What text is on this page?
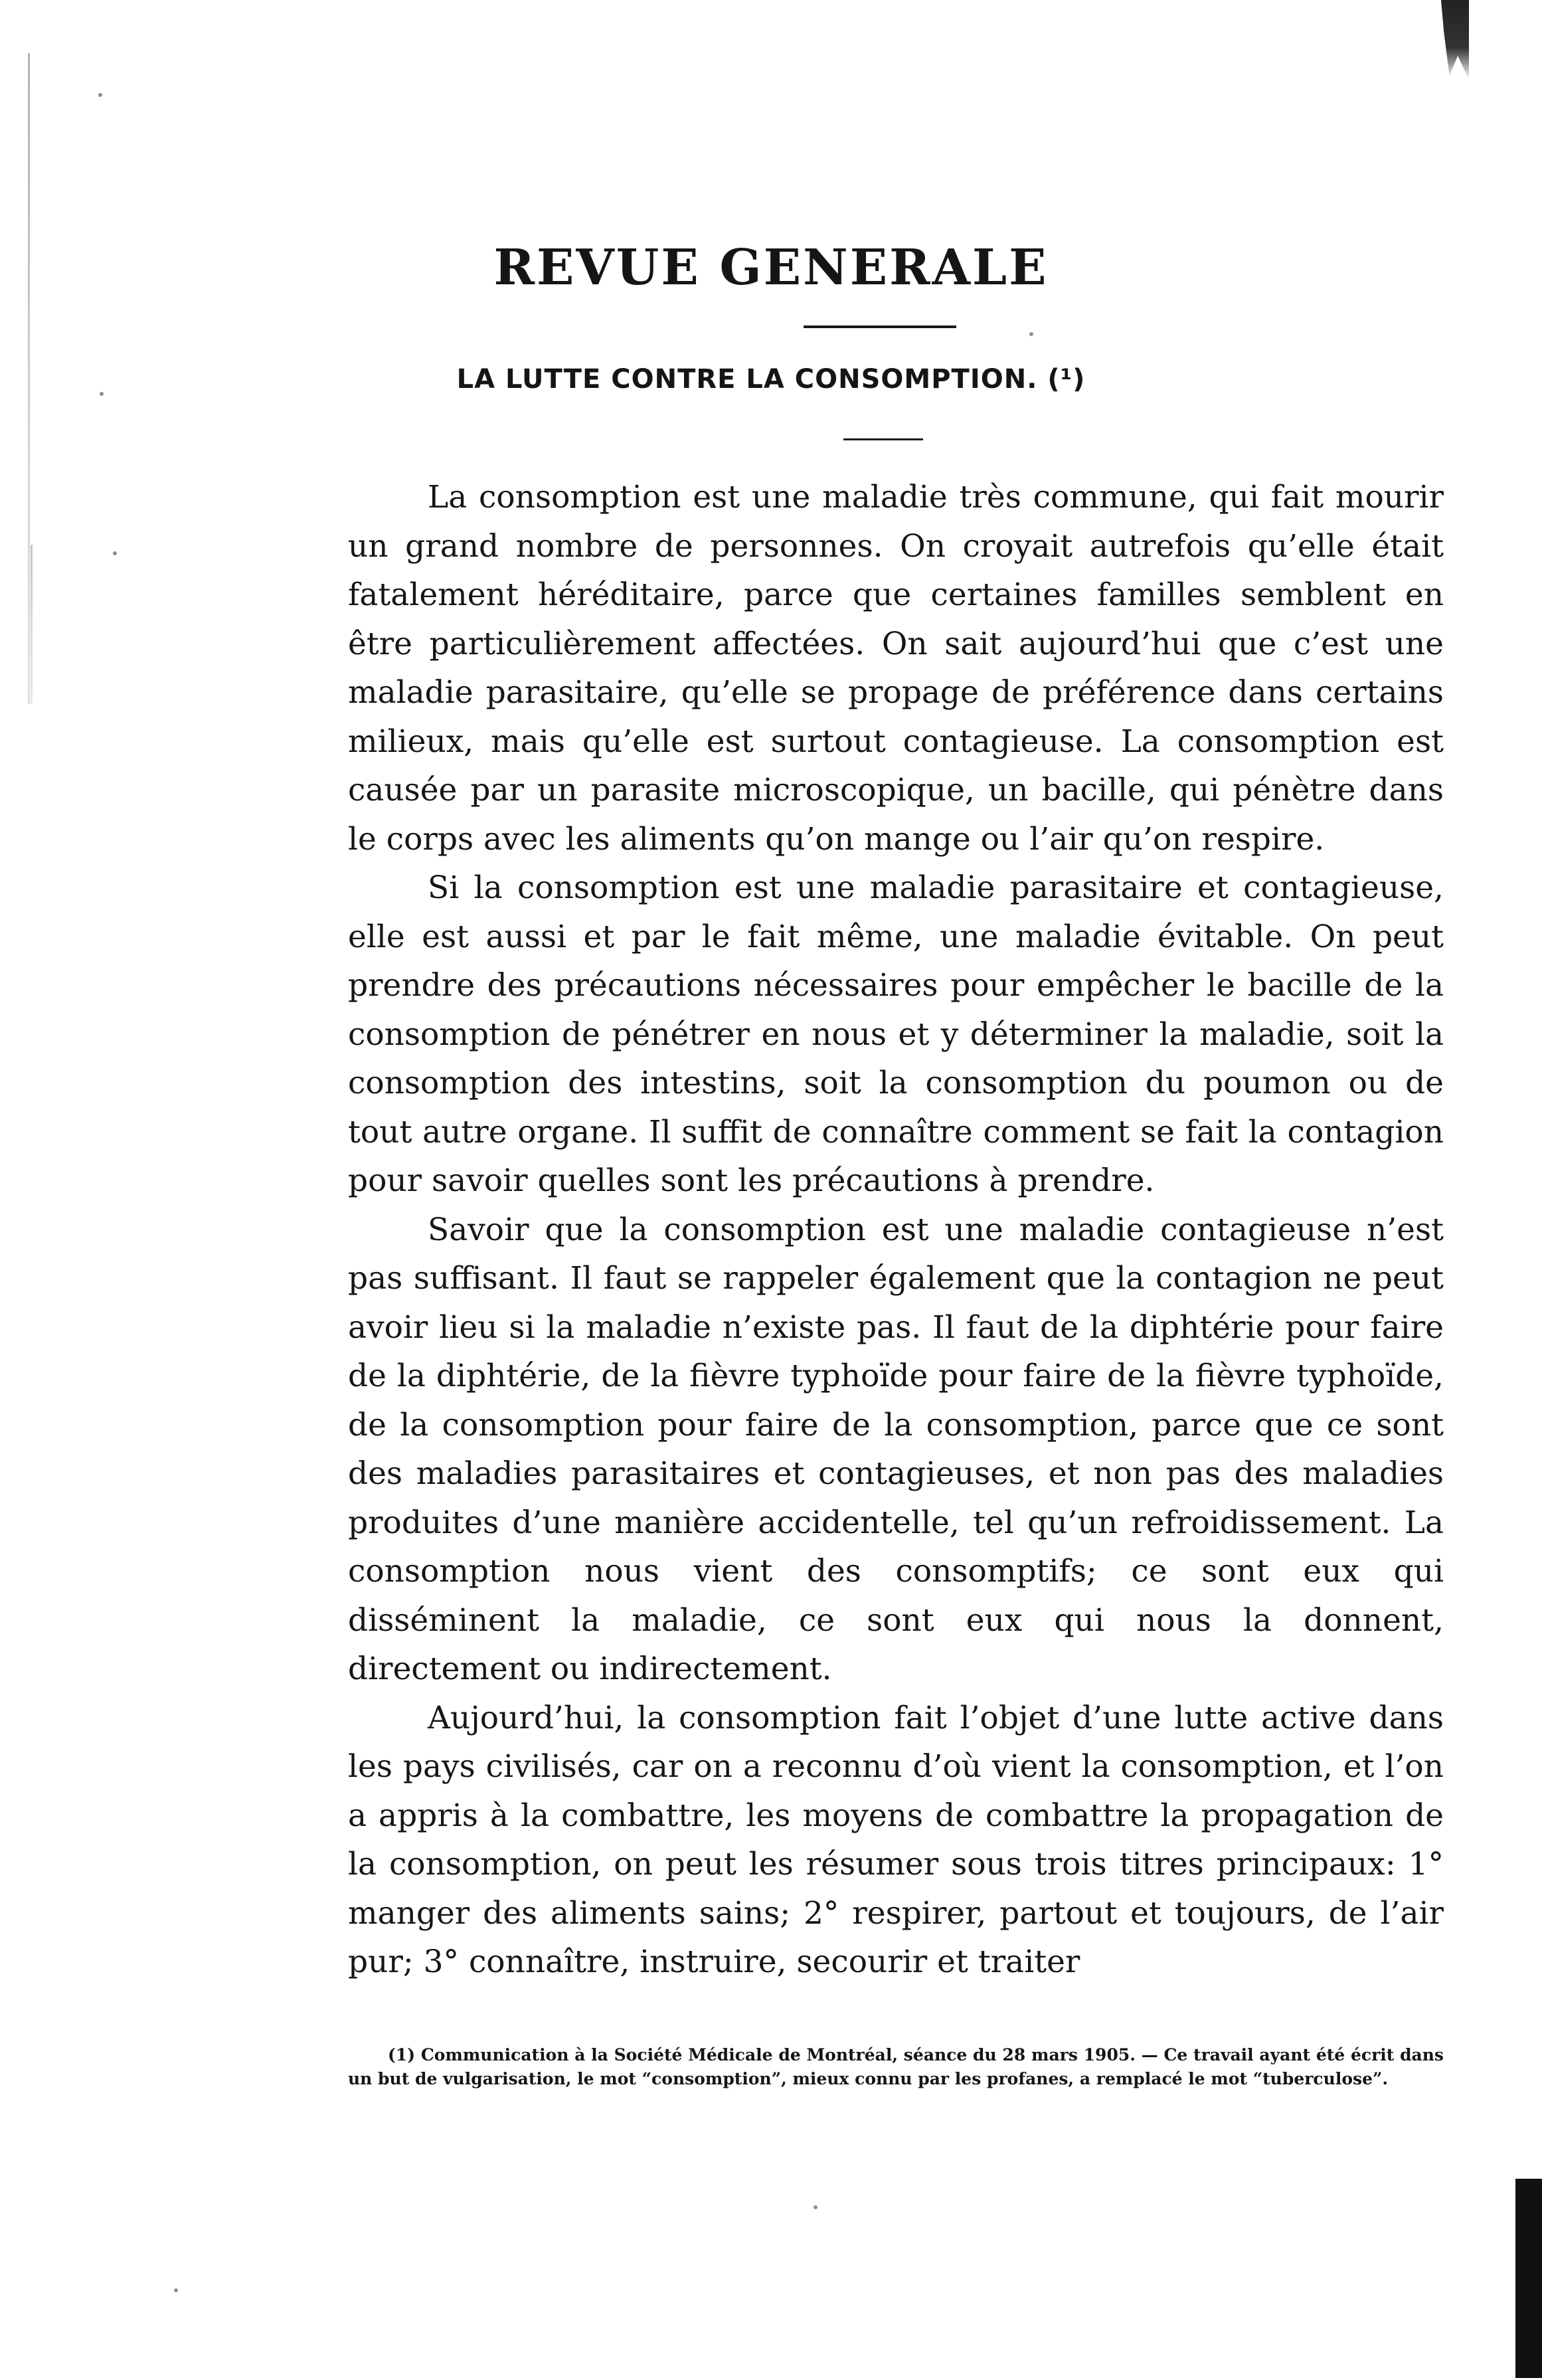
REVUE GENERALE
LA LUTTE CONTRE LA CONSOMPTION. (¹)

La consomption est une maladie très commune, qui fait mourir un grand nombre de personnes. On croyait autrefois qu’elle était fatalement héréditaire, parce que certaines familles semblent en être particulièrement affectées. On sait aujourd’hui que c’est une maladie parasitaire, qu’elle se propage de préférence dans certains milieux, mais qu’elle est surtout contagieuse. La consomption est causée par un parasite microscopique, un bacille, qui pénètre dans le corps avec les aliments qu’on mange ou l’air qu’on respire.

Si la consomption est une maladie parasitaire et contagieuse, elle est aussi et par le fait même, une maladie évitable. On peut prendre des précautions nécessaires pour empêcher le bacille de la consomption de pénétrer en nous et y déterminer la maladie, soit la consomption des intestins, soit la consomption du poumon ou de tout autre organe. Il suffit de connaître comment se fait la contagion pour savoir quelles sont les précautions à prendre.

Savoir que la consomption est une maladie contagieuse n’est pas suffisant. Il faut se rappeler également que la contagion ne peut avoir lieu si la maladie n’existe pas. Il faut de la diphtérie pour faire de la diphtérie, de la fièvre typhoïde pour faire de la fièvre typhoïde, de la consomption pour faire de la consomption, parce que ce sont des maladies parasitaires et contagieuses, et non pas des maladies produites d’une manière accidentelle, tel qu’un refroidissement. La consomption nous vient des consomptifs; ce sont eux qui disséminent la maladie, ce sont eux qui nous la donnent, directement ou indirectement.

Aujourd’hui, la consomption fait l’objet d’une lutte active dans les pays civilisés, car on a reconnu d’où vient la consomption, et l’on a appris à la combattre, les moyens de combattre la propagation de la consomption, on peut les résumer sous trois titres principaux: 1° manger des aliments sains; 2° respirer, partout et toujours, de l’air pur; 3° connaître, instruire, secourir et traiter

(1) Communication à la Société Médicale de Montréal, séance du 28 mars 1905. — Ce travail ayant été écrit dans un but de vulgarisation, le mot “consomption”, mieux connu par les profanes, a remplacé le mot “tuberculose”.
